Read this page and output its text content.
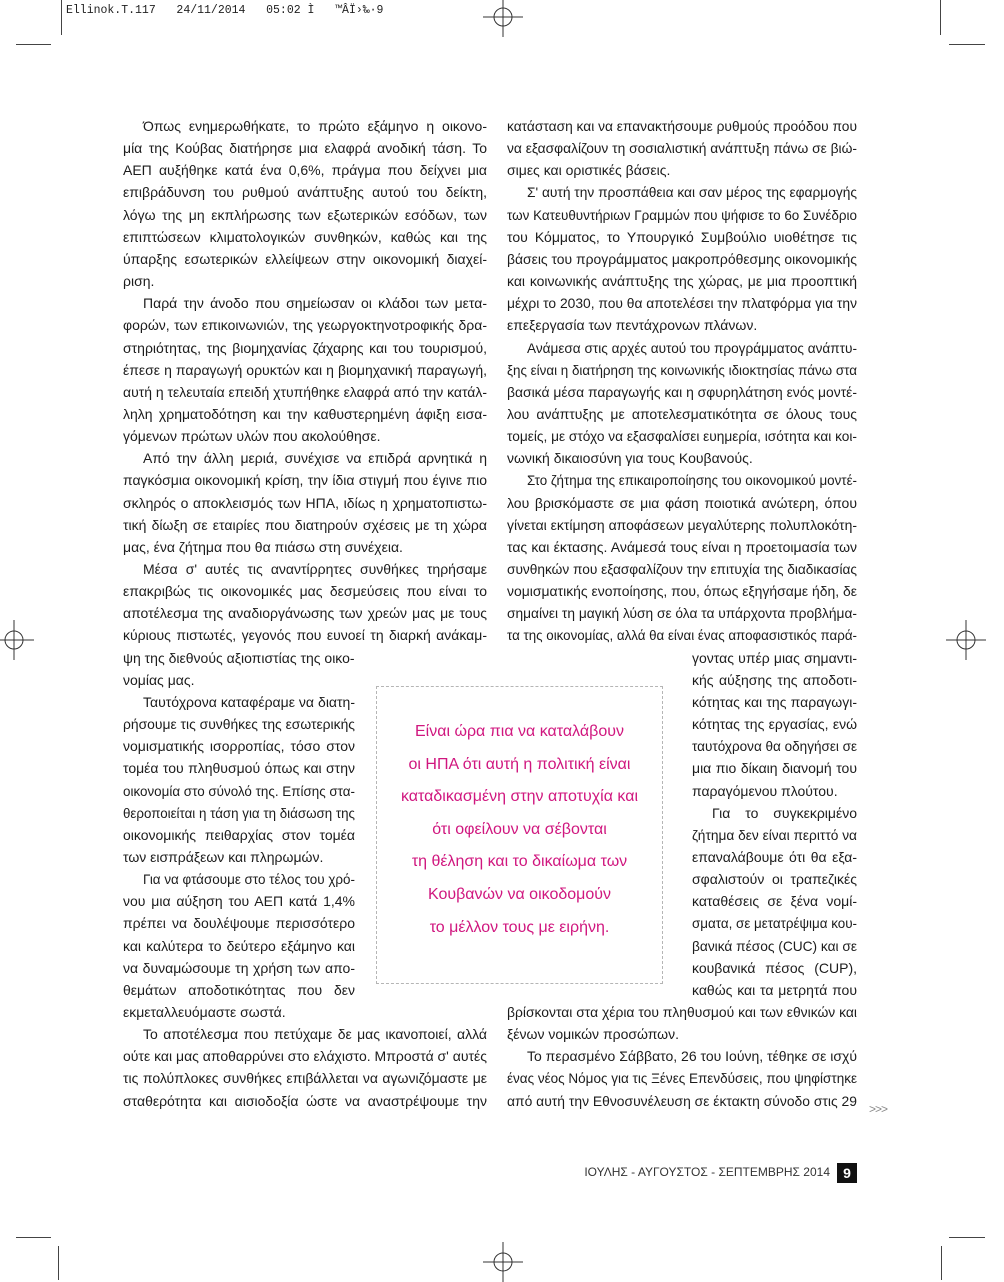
Ellinok.T.117   24/11/2014   05:02 Ì   ™ÂÏ›‰·9
Όπως ενημερωθήκατε, το πρώτο εξάμηνο η οικονο-
μία της Κούβας διατήρησε μια ελαφρά ανοδική τάση. Το
ΑΕΠ αυξήθηκε κατά ένα 0,6%, πράγμα που δείχνει μια
επιβράδυνση του ρυθμού ανάπτυξης αυτού του δείκτη,
λόγω της μη εκπλήρωσης των εξωτερικών εσόδων, των
επιπτώσεων κλιματολογικών συνθηκών, καθώς και της
ύπαρξης εσωτερικών ελλείψεων στην οικονομική διαχεί-
ριση.
Παρά την άνοδο που σημείωσαν οι κλάδοι των μετα-
φορών, των επικοινωνιών, της γεωργοκτηνοτροφικής δρα-
στηριότητας, της βιομηχανίας ζάχαρης και του τουρισμού,
έπεσε η παραγωγή ορυκτών και η βιομηχανική παραγωγή,
αυτή η τελευταία επειδή χτυπήθηκε ελαφρά από την κατάλ-
ληλη χρηματοδότηση και την καθυστερημένη άφιξη εισα-
γόμενων πρώτων υλών που ακολούθησε.
Από την άλλη μεριά, συνέχισε να επιδρά αρνητικά η
παγκόσμια οικονομική κρίση, την ίδια στιγμή που έγινε πιο
σκληρός ο αποκλεισμός των ΗΠΑ, ιδίως η χρηματοπιστω-
τική δίωξη σε εταιρίες που διατηρούν σχέσεις με τη χώρα
μας, ένα ζήτημα που θα πιάσω στη συνέχεια.
Μέσα σ' αυτές τις αναντίρρητες συνθήκες τηρήσαμε
επακριβώς τις οικονομικές μας δεσμεύσεις που είναι το
αποτέλεσμα της αναδιοργάνωσης των χρεών μας με τους
κύριους πιστωτές, γεγονός που ευνοεί τη διαρκή ανάκαμ-
ψη της διεθνούς αξιοπιστίας της οικο-
νομίας μας.
Ταυτόχρονα καταφέραμε να διατη-
ρήσουμε τις συνθήκες της εσωτερικής
νομισματικής ισορροπίας, τόσο στον
τομέα του πληθυσμού όπως και στην
οικονομία στο σύνολό της. Επίσης στα-
θεροποιείται η τάση για τη διάσωση της
οικονομικής πειθαρχίας στον τομέα
των εισπράξεων και πληρωμών.
Για να φτάσουμε στο τέλος του χρό-
νου μια αύξηση του ΑΕΠ κατά 1,4%
πρέπει να δουλέψουμε περισσότερο
και καλύτερα το δεύτερο εξάμηνο και
να δυναμώσουμε τη χρήση των απο-
θεμάτων αποδοτικότητας που δεν
εκμεταλλευόμαστε σωστά.
Το αποτέλεσμα που πετύχαμε δε μας ικανοποιεί, αλλά
ούτε και μας αποθαρρύνει στο ελάχιστο. Μπροστά σ' αυτές
τις πολύπλοκες συνθήκες επιβάλλεται να αγωνιζόμαστε με
σταθερότητα και αισιοδοξία ώστε να αναστρέψουμε την
κατάσταση και να επανακτήσουμε ρυθμούς προόδου που
να εξασφαλίζουν τη σοσιαλιστική ανάπτυξη πάνω σε βιώ-
σιμες και οριστικές βάσεις.
Σ' αυτή την προσπάθεια και σαν μέρος της εφαρμογής
των Κατευθυντήριων Γραμμών που ψήφισε το 6ο Συνέδριο
του Κόμματος, το Υπουργικό Συμβούλιο υιοθέτησε τις
βάσεις του προγράμματος μακροπρόθεσμης οικονομικής
και κοινωνικής ανάπτυξης της χώρας, με μια προοπτική
μέχρι το 2030, που θα αποτελέσει την πλατφόρμα για την
επεξεργασία των πεντάχρονων πλάνων.
Ανάμεσα στις αρχές αυτού του προγράμματος ανάπτυ-
ξης είναι η διατήρηση της κοινωνικής ιδιοκτησίας πάνω στα
βασικά μέσα παραγωγής και η σφυρηλάτηση ενός μοντέ-
λου ανάπτυξης με αποτελεσματικότητα σε όλους τους
τομείς, με στόχο να εξασφαλίσει ευημερία, ισότητα και κοι-
νωνική δικαιοσύνη για τους Κουβανούς.
Στο ζήτημα της επικαιροποίησης του οικονομικού μοντέ-
λου βρισκόμαστε σε μια φάση ποιοτικά ανώτερη, όπου
γίνεται εκτίμηση αποφάσεων μεγαλύτερης πολυπλοκότη-
τας και έκτασης. Ανάμεσά τους είναι η προετοιμασία των
συνθηκών που εξασφαλίζουν την επιτυχία της διαδικασίας
νομισματικής ενοποίησης, που, όπως εξηγήσαμε ήδη, δε
σημαίνει τη μαγική λύση σε όλα τα υπάρχοντα προβλήμα-
τα της οικονομίας, αλλά θα είναι ένας αποφασιστικός παρά-
γοντας υπέρ μιας σημαντι-
κής αύξησης της αποδοτι-
κότητας και της παραγωγι-
κότητας της εργασίας, ενώ
ταυτόχρονα θα οδηγήσει σε
μια πιο δίκαιη διανομή του
παραγόμενου πλούτου.
Για το συγκεκριμένο
ζήτημα δεν είναι περιττό να
επαναλάβουμε ότι θα εξα-
σφαλιστούν οι τραπεζικές
καταθέσεις σε ξένα νομί-
σματα, σε μετατρέψιμα κου-
βανικά πέσος (CUC) και σε
κουβανικά πέσος (CUP),
καθώς και τα μετρητά που
βρίσκονται στα χέρια του πληθυσμού και των εθνικών και
ξένων νομικών προσώπων.
Το περασμένο Σάββατο, 26 του Ιούνη, τέθηκε σε ισχύ
ένας νέος Νόμος για τις Ξένες Επενδύσεις, που ψηφίστηκε
από αυτή την Εθνοσυνέλευση σε έκτακτη σύνοδο στις 29
Είναι ώρα πια να καταλάβουν
οι ΗΠΑ ότι αυτή η πολιτική είναι
καταδικασμένη στην αποτυχία και
ότι οφείλουν να σέβονται
τη θέληση και το δικαίωμα των
Κουβανών να οικοδομούν
το μέλλον τους με ειρήνη.
>>>
ΙΟΥΛΗΣ - ΑΥΓΟΥΣΤΟΣ - ΣΕΠΤΕΜΒΡΗΣ 2014 9
